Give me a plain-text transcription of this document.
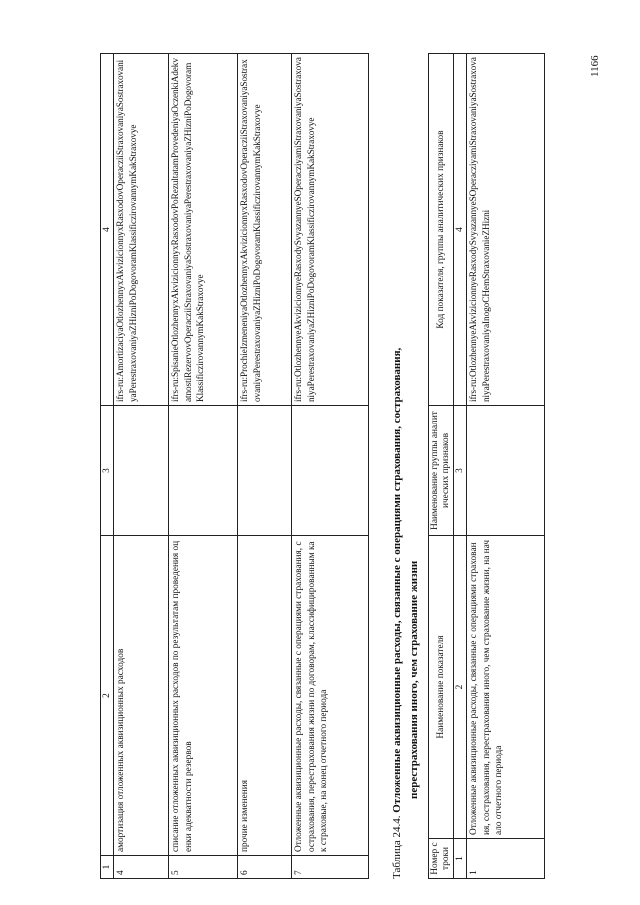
1166
1	2	3	4
4	амортизация отложенных аквизиционных расходов		ifrs-ru:AmortizaciyaOtlozhennyxAkvizicionnyxRasxodovOperacziiStraxovaniyaSostraxovaniyaPerestraxovaniyaZHizniPoDogovoramKlassificzirovannymKakStraxovye
5	списание отложенных аквизиционных расходов по результатам проведения оценки адекватности резервов		ifrs-ru:SpisanieOtlozhennyxAkvizicionnyxRasxodovPoRezultatamProvedeniyaOczenkiAdekvatnostiRezervovOperacziiStraxovaniyaSostraxovaniyaPerestraxovaniyaZHizniPoDogovoramKlassificzirovannymKakStraxovye
6	прочие изменения		ifrs-ru:ProchieIzmeneniyaOtlozhennyxAkvizicionnyxRasxodovOperacziiStraxovaniyaSostraxovaniyaPerestraxovaniyaZHizniPoDogovoramKlassificzirovannymKakStraxovye
7	Отложенные аквизиционные расходы, связанные с операциями страхования, сострахования, перестрахования жизни по договорам, классифицированным как страховые, на конец отчетного периода		ifrs-ru:OtlozhennyeAkvizicionnyeRasxodySvyazannyeSOperacziyamiStraxovaniyaSostraxovaniyaPerestraxovaniyaZHizniPoDogovoramKlassificzirovannymKakStraxovye
Таблица 24.4. Отложенные аквизиционные расходы, связанные с операциями страхования, сострахования, перестрахования иного, чем страхование жизни
Номер строки	Наименование показателя	Наименование группы аналитических признаков	Код показателя, группы аналитических признаков
1	2	3	4
1	Отложенные аквизиционные расходы, связанные с операциями страхования, сострахования, перестрахования иного, чем страхование жизни, на начало отчетного периода		ifrs-ru:OtlozhennyeAkvizicionnyeRasxodySvyazannyeSOperacziyamiStraxovaniyaSostraxovaniyaPerestraxovaniyaInogoCHemStraxovanieZHizni
